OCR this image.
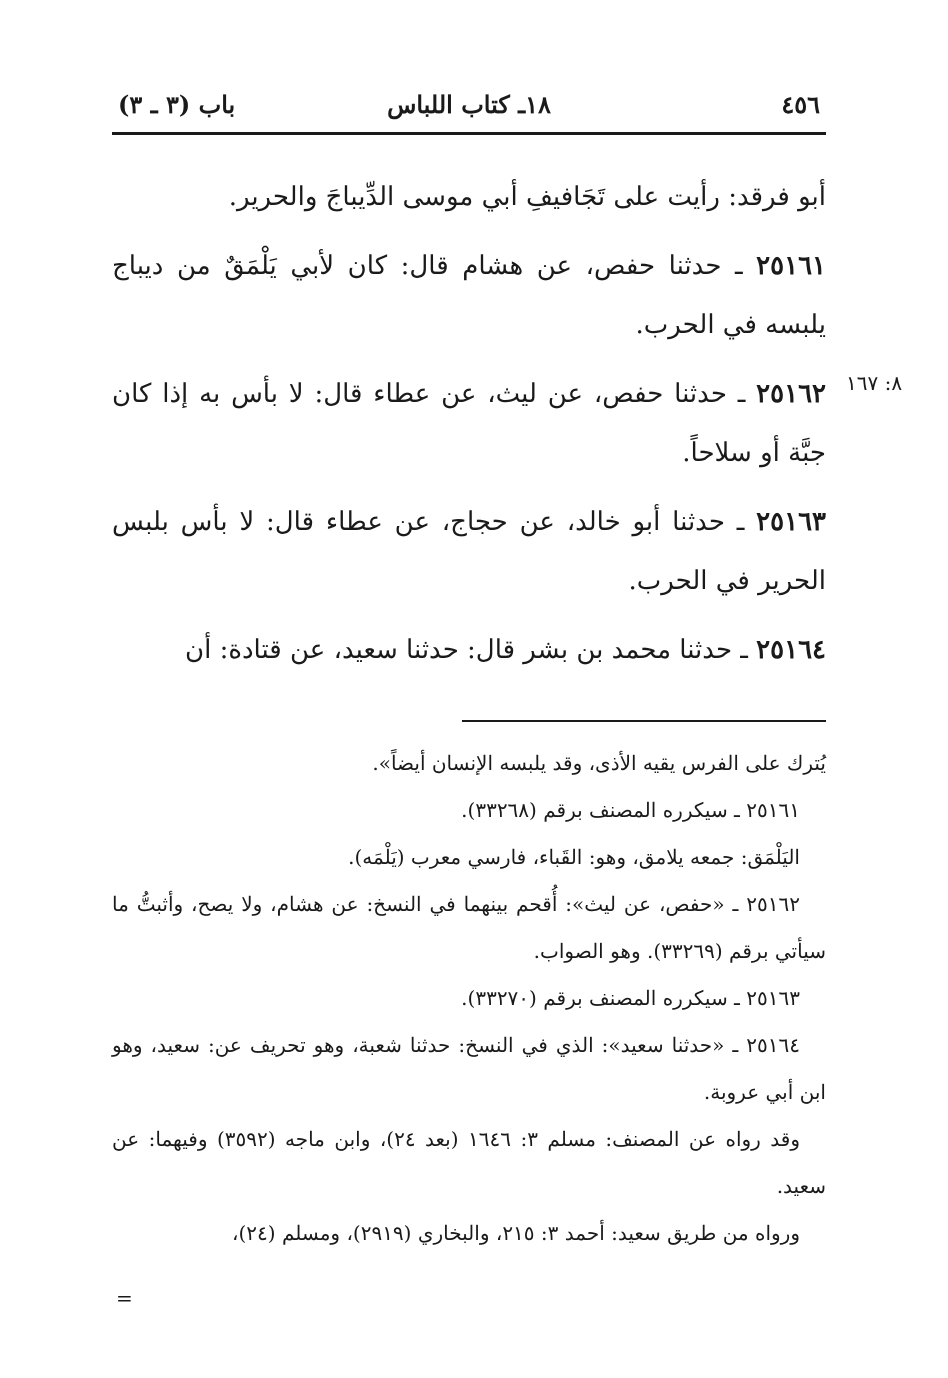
٤٥٦
١٨ـ كتاب اللباس
باب (٣ ـ ٣)
٨: ١٦٧

أبو فرقد: رأيت على تَجَافيفِ أبي موسى الدِّيباجَ والحرير.

٢٥١٦١ ـ حدثنا حفص، عن هشام قال: كان لأبي يَلْمَقٌ من ديباج يلبسه في الحرب.

٢٥١٦٢ ـ حدثنا حفص، عن ليث، عن عطاء قال: لا بأس به إذا كان جبَّة أو سلاحاً.

٢٥١٦٣ ـ حدثنا أبو خالد، عن حجاج، عن عطاء قال: لا بأس بلبس الحرير في الحرب.

٢٥١٦٤ ـ حدثنا محمد بن بشر قال: حدثنا سعيد، عن قتادة: أن

يُترك على الفرس يقيه الأذى، وقد يلبسه الإنسان أيضاً».

٢٥١٦١ ـ سيكرره المصنف برقم (٣٣٢٦٨).

اليَلْمَق: جمعه يلامق، وهو: القَباء، فارسي معرب (يَلْمَه).

٢٥١٦٢ ـ «حفص، عن ليث»: أُقحم بينهما في النسخ: عن هشام، ولا يصح، وأثبتُّ ما سيأتي برقم (٣٣٢٦٩). وهو الصواب.

٢٥١٦٣ ـ سيكرره المصنف برقم (٣٣٢٧٠).

٢٥١٦٤ ـ «حدثنا سعيد»: الذي في النسخ: حدثنا شعبة، وهو تحريف عن: سعيد، وهو ابن أبي عروبة.

وقد رواه عن المصنف: مسلم ٣: ١٦٤٦ (بعد ٢٤)، وابن ماجه (٣٥٩٢) وفيهما: عن سعيد.

ورواه من طريق سعيد: أحمد ٣: ٢١٥، والبخاري (٢٩١٩)، ومسلم (٢٤)،

=
